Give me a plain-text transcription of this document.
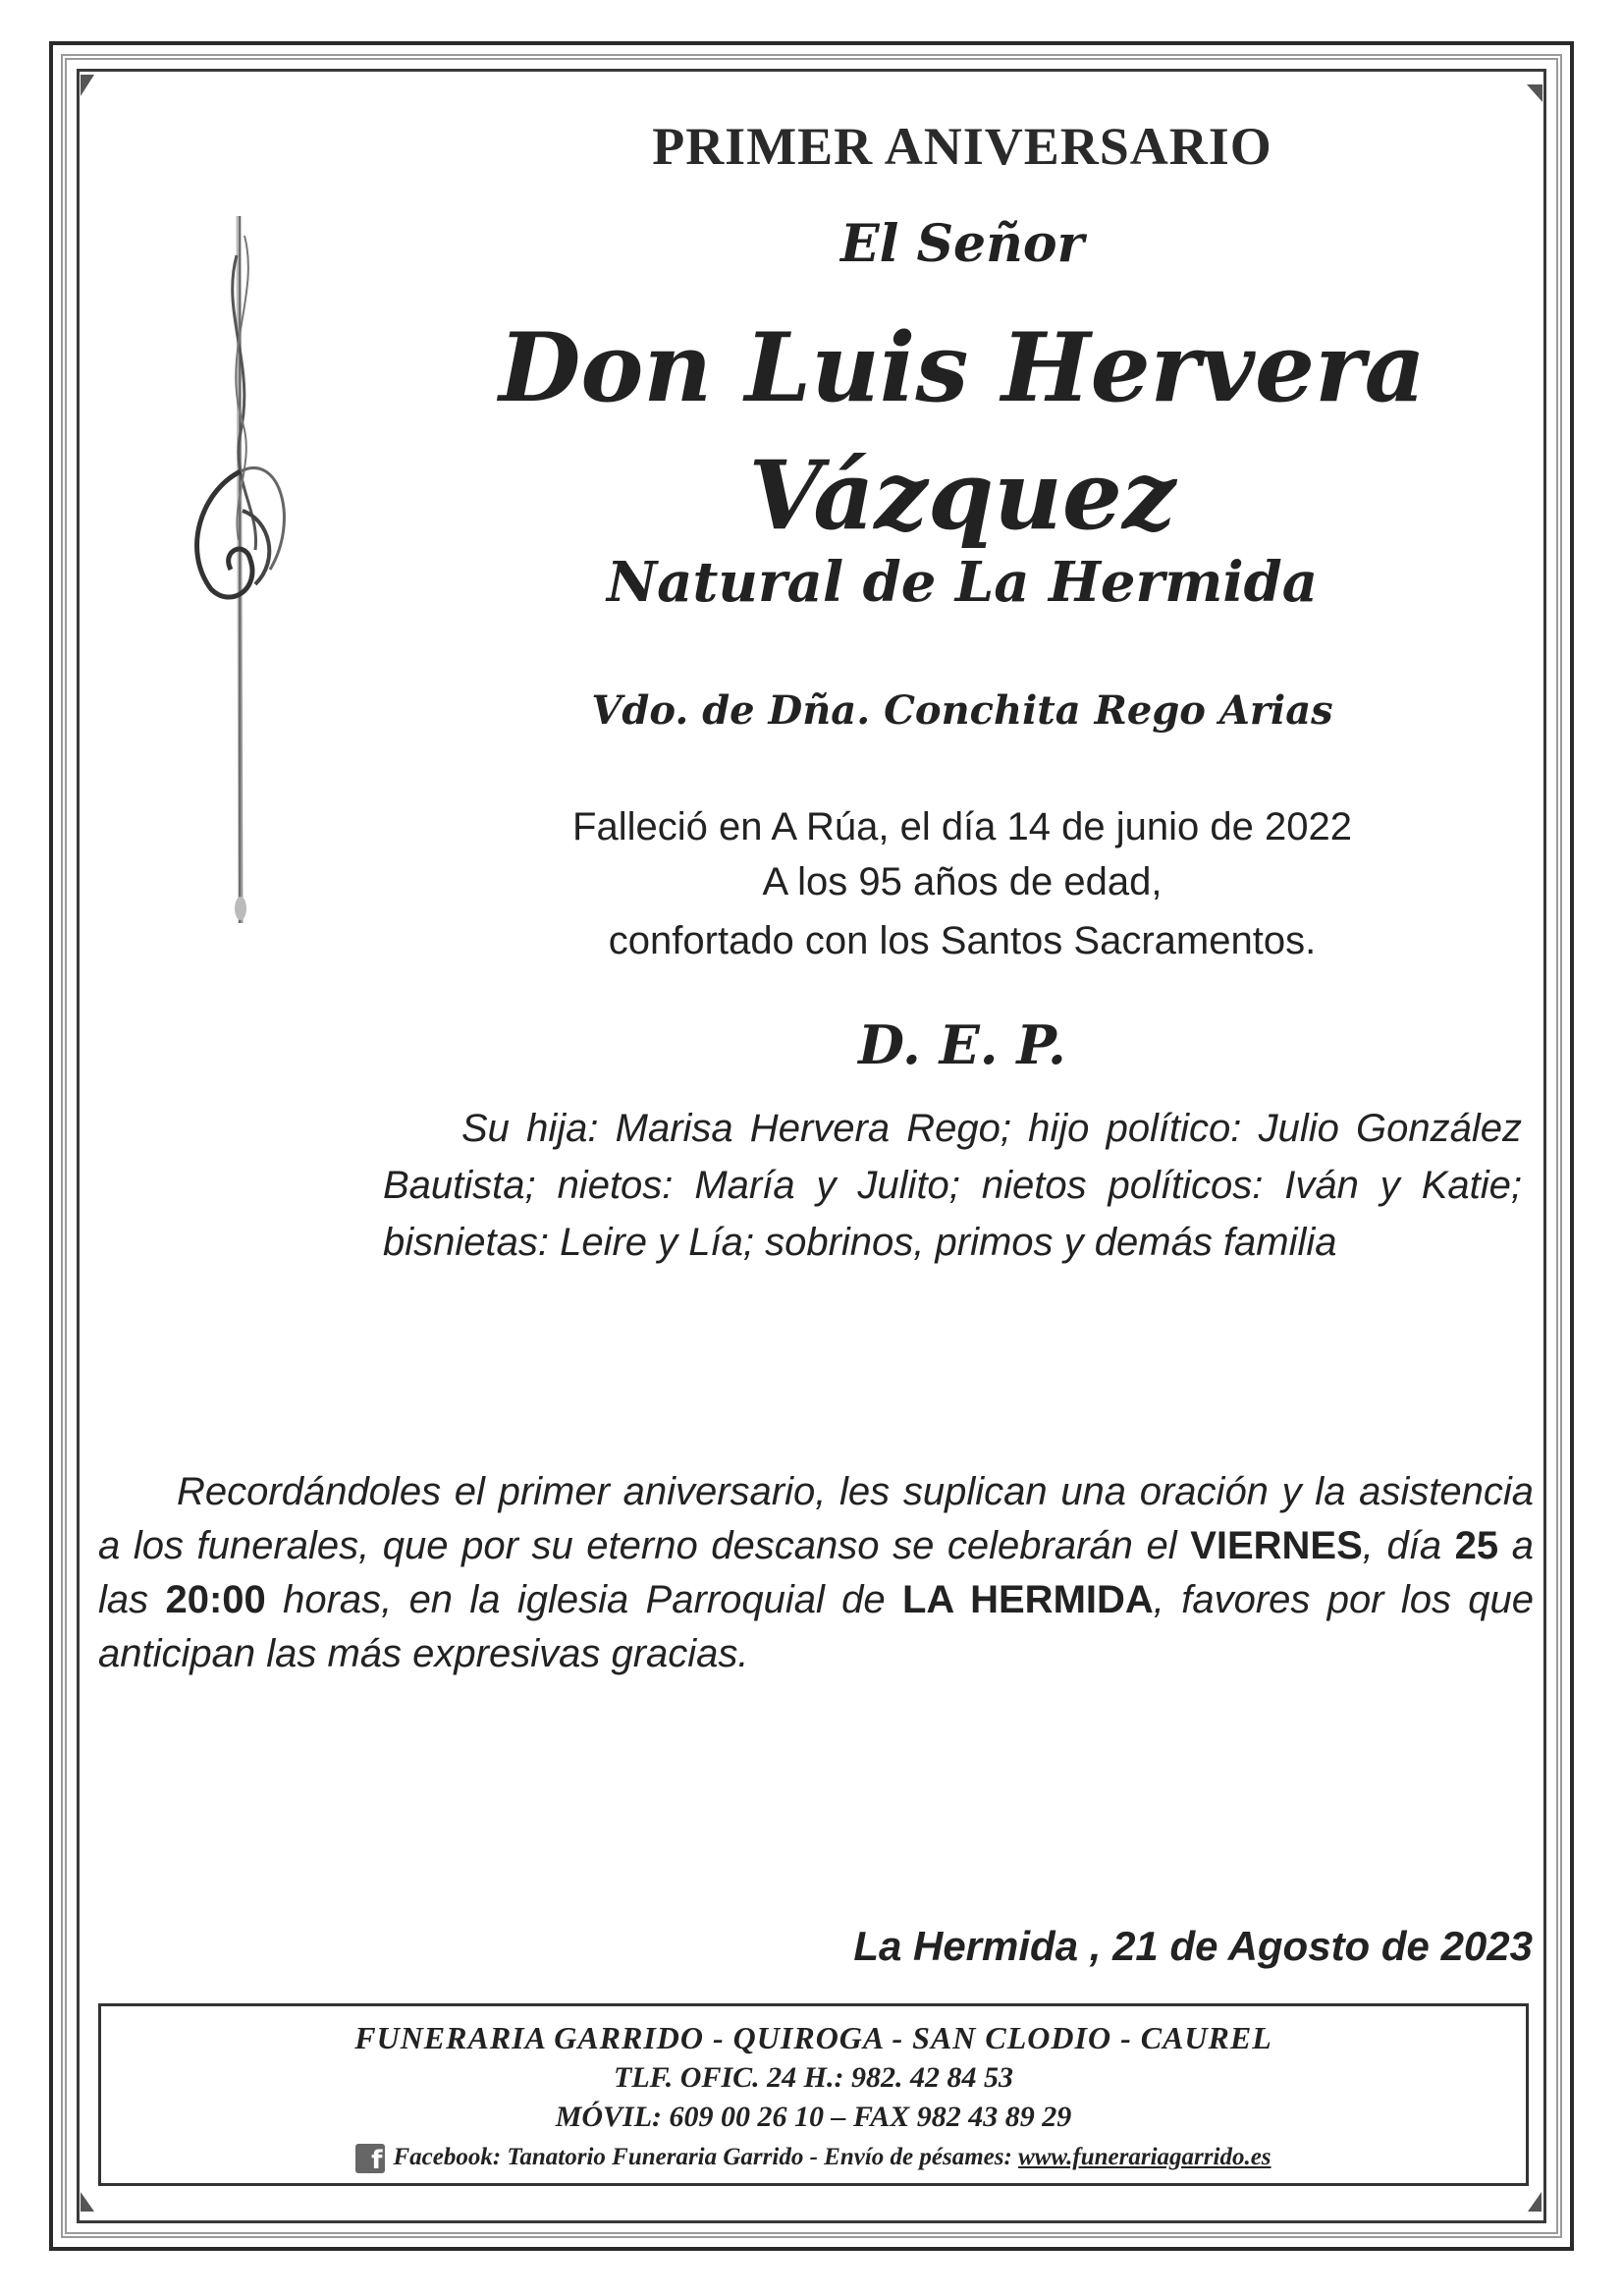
PRIMER ANIVERSARIO
El Señor
Don Luis Hervera
Vázquez
Natural de La Hermida
Vdo. de Dña. Conchita Rego Arias
Falleció en A Rúa, el día 14 de junio de 2022
A los 95 años de edad,
confortado con los Santos Sacramentos.
D. E. P.
Su hija: Marisa Hervera Rego; hijo político: Julio González Bautista; nietos: María y Julito; nietos políticos: Iván y Katie; bisnietas: Leire y Lía; sobrinos, primos y demás familia
Recordándoles el primer aniversario, les suplican una oración y la asistencia a los funerales, que por su eterno descanso se celebrarán el VIERNES, día 25 a las 20:00 horas, en la iglesia Parroquial de LA HERMIDA, favores por los que anticipan las más expresivas gracias.
La Hermida , 21 de Agosto de 2023
FUNERARIA GARRIDO - QUIROGA - SAN CLODIO - CAUREL
TLF. OFIC. 24 H.: 982. 42 84 53
MÓVIL: 609 00 26 10 – FAX 982 43 89 29
f Facebook: Tanatorio Funeraria Garrido - Envío de pésames: www.funerariagarrido.es
